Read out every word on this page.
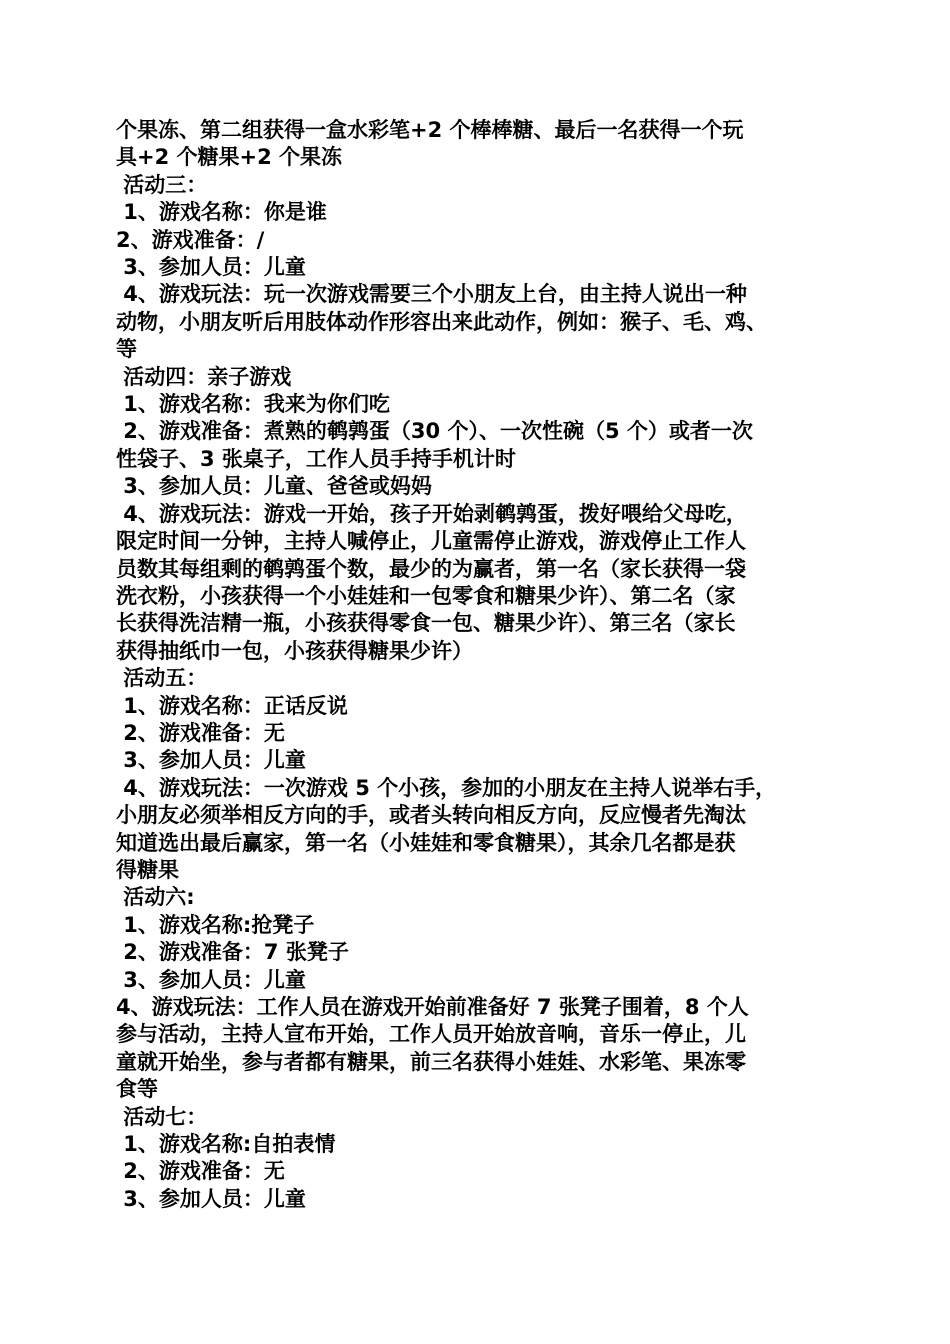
个果冻、第二组获得一盒水彩笔+2 个棒棒糖、最后一名获得一个玩
具+2 个糖果+2 个果冻
活动三：
1、游戏名称：你是谁
2、游戏准备：/
3、参加人员：儿童
4、游戏玩法：玩一次游戏需要三个小朋友上台，由主持人说出一种
动物，小朋友听后用肢体动作形容出来此动作，例如：猴子、毛、鸡、
等
活动四：亲子游戏
1、游戏名称：我来为你们吃
2、游戏准备：煮熟的鹌鹑蛋（30 个）、一次性碗（5 个）或者一次
性袋子、3 张桌子，工作人员手持手机计时
3、参加人员：儿童、爸爸或妈妈
4、游戏玩法：游戏一开始，孩子开始剥鹌鹑蛋，拨好喂给父母吃，
限定时间一分钟，主持人喊停止，儿童需停止游戏，游戏停止工作人
员数其每组剩的鹌鹑蛋个数，最少的为赢者，第一名（家长获得一袋
洗衣粉，小孩获得一个小娃娃和一包零食和糖果少许）、第二名（家
长获得洗洁精一瓶，小孩获得零食一包、糖果少许）、第三名（家长
获得抽纸巾一包，小孩获得糖果少许）
活动五：
1、游戏名称：正话反说
2、游戏准备：无
3、参加人员：儿童
4、游戏玩法：一次游戏 5 个小孩，参加的小朋友在主持人说举右手，
小朋友必须举相反方向的手，或者头转向相反方向，反应慢者先淘汰
知道选出最后赢家，第一名（小娃娃和零食糖果），其余几名都是获
得糖果
活动六:
1、游戏名称:抢凳子
2、游戏准备：7 张凳子
3、参加人员：儿童
4、游戏玩法：工作人员在游戏开始前准备好 7 张凳子围着，8 个人
参与活动，主持人宣布开始，工作人员开始放音响，音乐一停止，儿
童就开始坐，参与者都有糖果，前三名获得小娃娃、水彩笔、果冻零
食等
活动七：
1、游戏名称:自拍表情
2、游戏准备：无
3、参加人员：儿童
